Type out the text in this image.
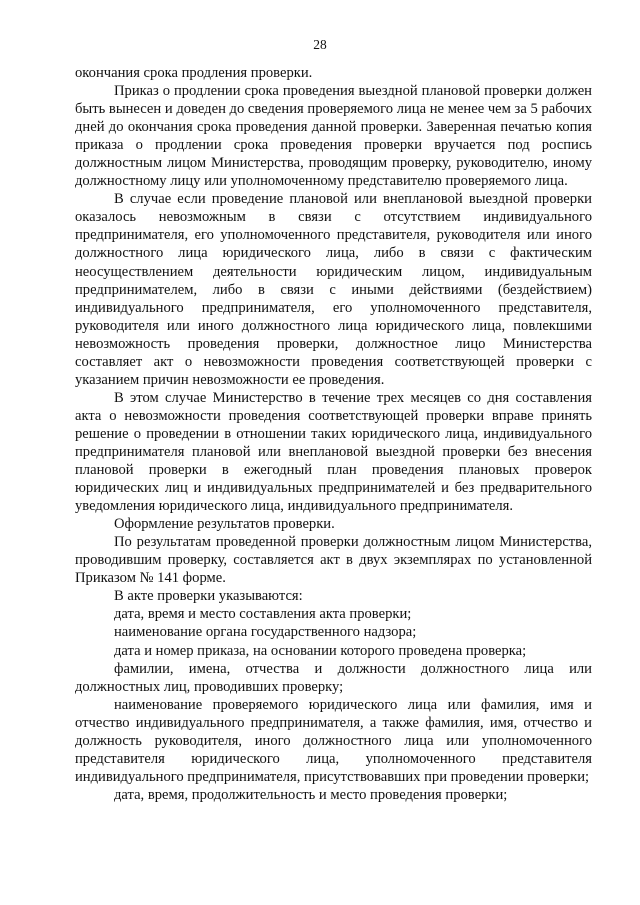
28

окончания срока продления проверки.

Приказ о продлении срока проведения выездной плановой проверки должен быть вынесен и доведен до сведения проверяемого лица не менее чем за 5 рабочих дней до окончания срока проведения данной проверки. Заверенная печатью копия приказа о продлении срока проведения проверки вручается под роспись должностным лицом Министерства, проводящим проверку, руководителю, иному должностному лицу или уполномоченному представителю проверяемого лица.

В случае если проведение плановой или внеплановой выездной проверки оказалось невозможным в связи с отсутствием индивидуального предпринимателя, его уполномоченного представителя, руководителя или иного должностного лица юридического лица, либо в связи с фактическим неосуществлением деятельности юридическим лицом, индивидуальным предпринимателем, либо в связи с иными действиями (бездействием) индивидуального предпринимателя, его уполномоченного представителя, руководителя или иного должностного лица юридического лица, повлекшими невозможность проведения проверки, должностное лицо Министерства составляет акт о невозможности проведения соответствующей проверки с указанием причин невозможности ее проведения.

В этом случае Министерство в течение трех месяцев со дня составления акта о невозможности проведения соответствующей проверки вправе принять решение о проведении в отношении таких юридического лица, индивидуального предпринимателя плановой или внеплановой выездной проверки без внесения плановой проверки в ежегодный план проведения плановых проверок юридических лиц и индивидуальных предпринимателей и без предварительного уведомления юридического лица, индивидуального предпринимателя.

Оформление результатов проверки.

По результатам проведенной проверки должностным лицом Министерства, проводившим проверку, составляется акт в двух экземплярах по установленной Приказом № 141 форме.

В акте проверки указываются:

дата, время и место составления акта проверки;

наименование органа государственного надзора;

дата и номер приказа, на основании которого проведена проверка;

фамилии, имена, отчества и должности должностного лица или должностных лиц, проводивших проверку;

наименование проверяемого юридического лица или фамилия, имя и отчество индивидуального предпринимателя, а также фамилия, имя, отчество и должность руководителя, иного должностного лица или уполномоченного представителя юридического лица, уполномоченного представителя индивидуального предпринимателя, присутствовавших при проведении проверки;

дата, время, продолжительность и место проведения проверки;
